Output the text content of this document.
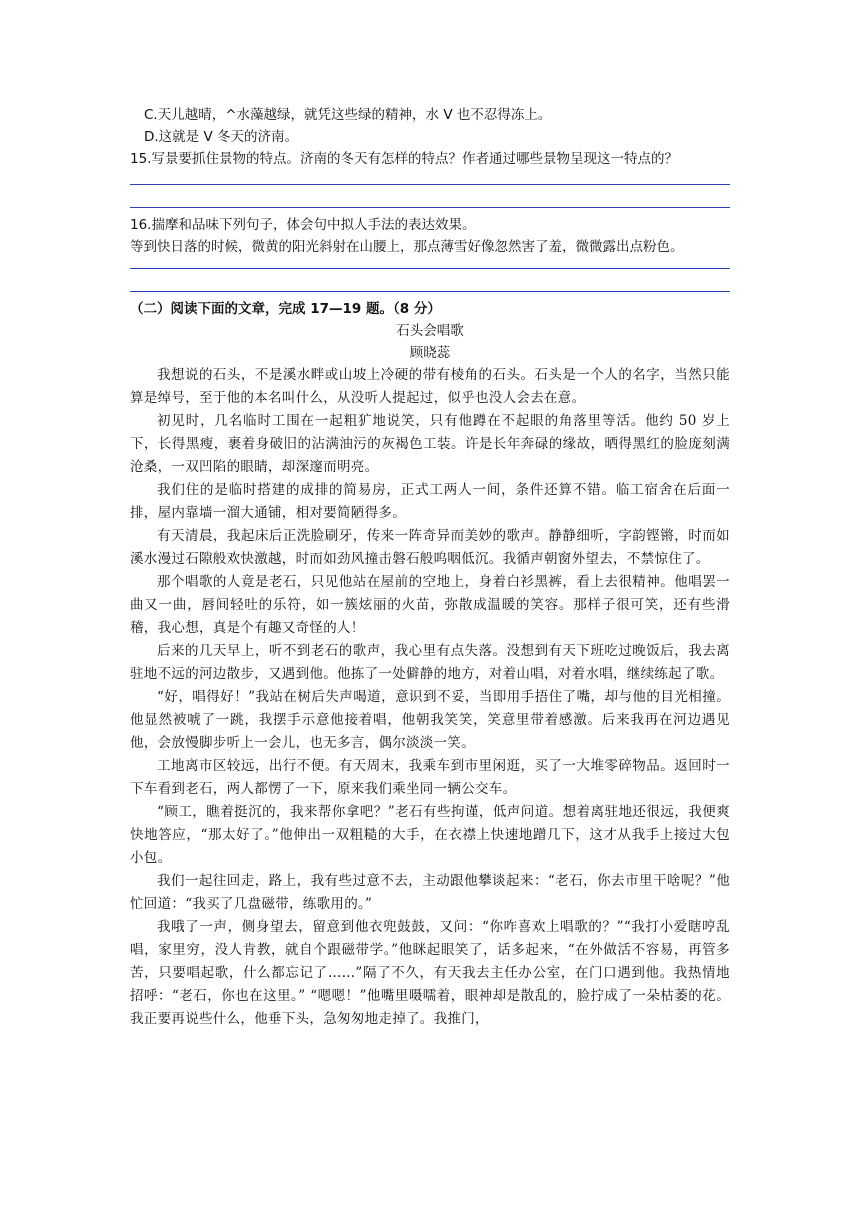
C.天儿越晴，^水藻越绿，就凭这些绿的精神，水 V 也不忍得冻上。

D.这就是 V 冬天的济南。

15.写景要抓住景物的特点。济南的冬天有怎样的特点？作者通过哪些景物呈现这一特点的？

16.揣摩和品味下列句子，体会句中拟人手法的表达效果。

等到快日落的时候，微黄的阳光斜射在山腰上，那点薄雪好像忽然害了羞，微微露出点粉色。

（二）阅读下面的文章，完成 17—19 题。（8 分）

石头会唱歌

顾晓蕊

我想说的石头，不是溪水畔或山坡上冷硬的带有棱角的石头。石头是一个人的名字，当然只能算是绰号，至于他的本名叫什么，从没听人提起过，似乎也没人会去在意。

初见时，几名临时工围在一起粗犷地说笑，只有他蹲在不起眼的角落里等活。他约 50 岁上下，长得黑瘦，裹着身破旧的沾满油污的灰褐色工装。许是长年奔碌的缘故，晒得黑红的脸庞刻满沧桑，一双凹陷的眼睛，却深邃而明亮。

我们住的是临时搭建的成排的简易房，正式工两人一间，条件还算不错。临工宿舍在后面一排，屋内靠墙一溜大通铺，相对要简陋得多。

有天清晨，我起床后正洗脸刷牙，传来一阵奇异而美妙的歌声。静静细听，字韵铿锵，时而如溪水漫过石隙般欢快激越，时而如劲风撞击磐石般呜咽低沉。我循声朝窗外望去，不禁惊住了。

那个唱歌的人竟是老石，只见他站在屋前的空地上，身着白衫黑裤，看上去很精神。他唱罢一曲又一曲，唇间轻吐的乐符，如一簇炫丽的火苗，弥散成温暖的笑容。那样子很可笑，还有些滑稽，我心想，真是个有趣又奇怪的人！

后来的几天早上，听不到老石的歌声，我心里有点失落。没想到有天下班吃过晚饭后，我去离驻地不远的河边散步，又遇到他。他拣了一处僻静的地方，对着山唱，对着水唱，继续练起了歌。

“好，唱得好！”我站在树后失声喝道，意识到不妥，当即用手捂住了嘴，却与他的目光相撞。他显然被唬了一跳，我摆手示意他接着唱，他朝我笑笑，笑意里带着感激。后来我再在河边遇见他，会放慢脚步听上一会儿，也无多言，偶尔淡淡一笑。

工地离市区较远，出行不便。有天周末，我乘车到市里闲逛，买了一大堆零碎物品。返回时一下车看到老石，两人都愣了一下，原来我们乘坐同一辆公交车。

“顾工，瞧着挺沉的，我来帮你拿吧？”老石有些拘谨，低声问道。想着离驻地还很远，我便爽快地答应，“那太好了。”他伸出一双粗糙的大手，在衣襟上快速地蹭几下，这才从我手上接过大包小包。

我们一起往回走，路上，我有些过意不去，主动跟他攀谈起来：“老石，你去市里干啥呢？”他忙回道：“我买了几盘磁带，练歌用的。”

我哦了一声，侧身望去，留意到他衣兜鼓鼓，又问：“你咋喜欢上唱歌的？”“我打小爱瞎哼乱唱，家里穷，没人肯教，就自个跟磁带学。”他眯起眼笑了，话多起来，“在外做活不容易，再管多苦，只要唱起歌，什么都忘记了……”隔了不久，有天我去主任办公室，在门口遇到他。我热情地招呼：“老石，你也在这里。” “嗯嗯！”他嘴里嗫嚅着，眼神却是散乱的，脸拧成了一朵枯萎的花。 我正要再说些什么，他垂下头，急匆匆地走掉了。我推门，
